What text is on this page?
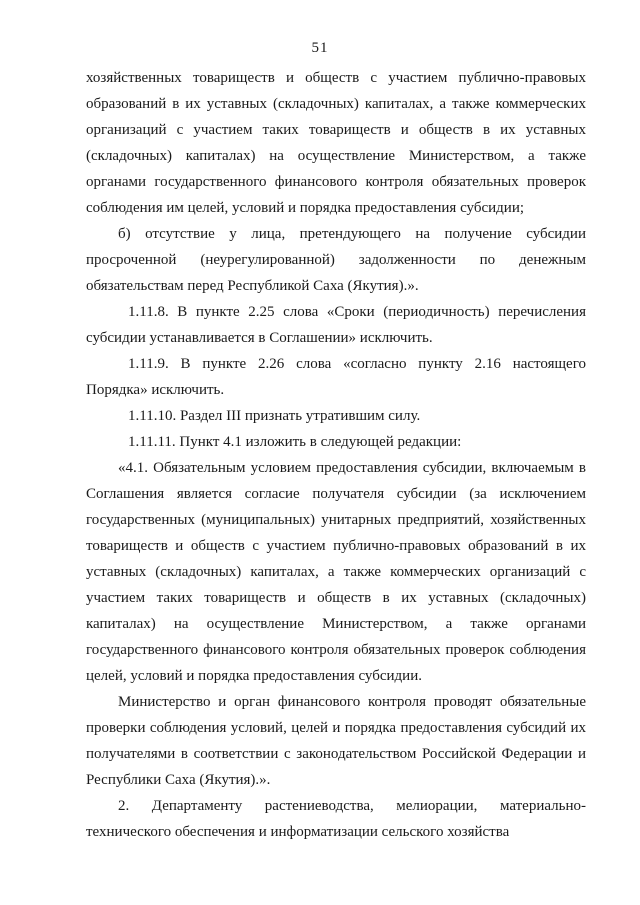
51

хозяйственных товариществ и обществ с участием публично-правовых образований в их уставных (складочных) капиталах, а также коммерческих организаций с участием таких товариществ и обществ в их уставных (складочных) капиталах) на осуществление Министерством, а также органами государственного финансового контроля обязательных проверок соблюдения им целей, условий и порядка предоставления субсидии;

б) отсутствие у лица, претендующего на получение субсидии просроченной (неурегулированной) задолженности по денежным обязательствам перед Республикой Саха (Якутия).».

1.11.8. В пункте 2.25 слова «Сроки (периодичность) перечисления субсидии устанавливается в Соглашении» исключить.

1.11.9. В пункте 2.26 слова «согласно пункту 2.16 настоящего Порядка» исключить.

1.11.10. Раздел III признать утратившим силу.

1.11.11. Пункт 4.1 изложить в следующей редакции:

«4.1. Обязательным условием предоставления субсидии, включаемым в Соглашения является согласие получателя субсидии (за исключением государственных (муниципальных) унитарных предприятий, хозяйственных товариществ и обществ с участием публично-правовых образований в их уставных (складочных) капиталах, а также коммерческих организаций с участием таких товариществ и обществ в их уставных (складочных) капиталах) на осуществление Министерством, а также органами государственного финансового контроля обязательных проверок соблюдения целей, условий и порядка предоставления субсидии.

Министерство и орган финансового контроля проводят обязательные проверки соблюдения условий, целей и порядка предоставления субсидий их получателями в соответствии с законодательством Российской Федерации и Республики Саха (Якутия).».

2. Департаменту растениеводства, мелиорации, материально-технического обеспечения и информатизации сельского хозяйства
